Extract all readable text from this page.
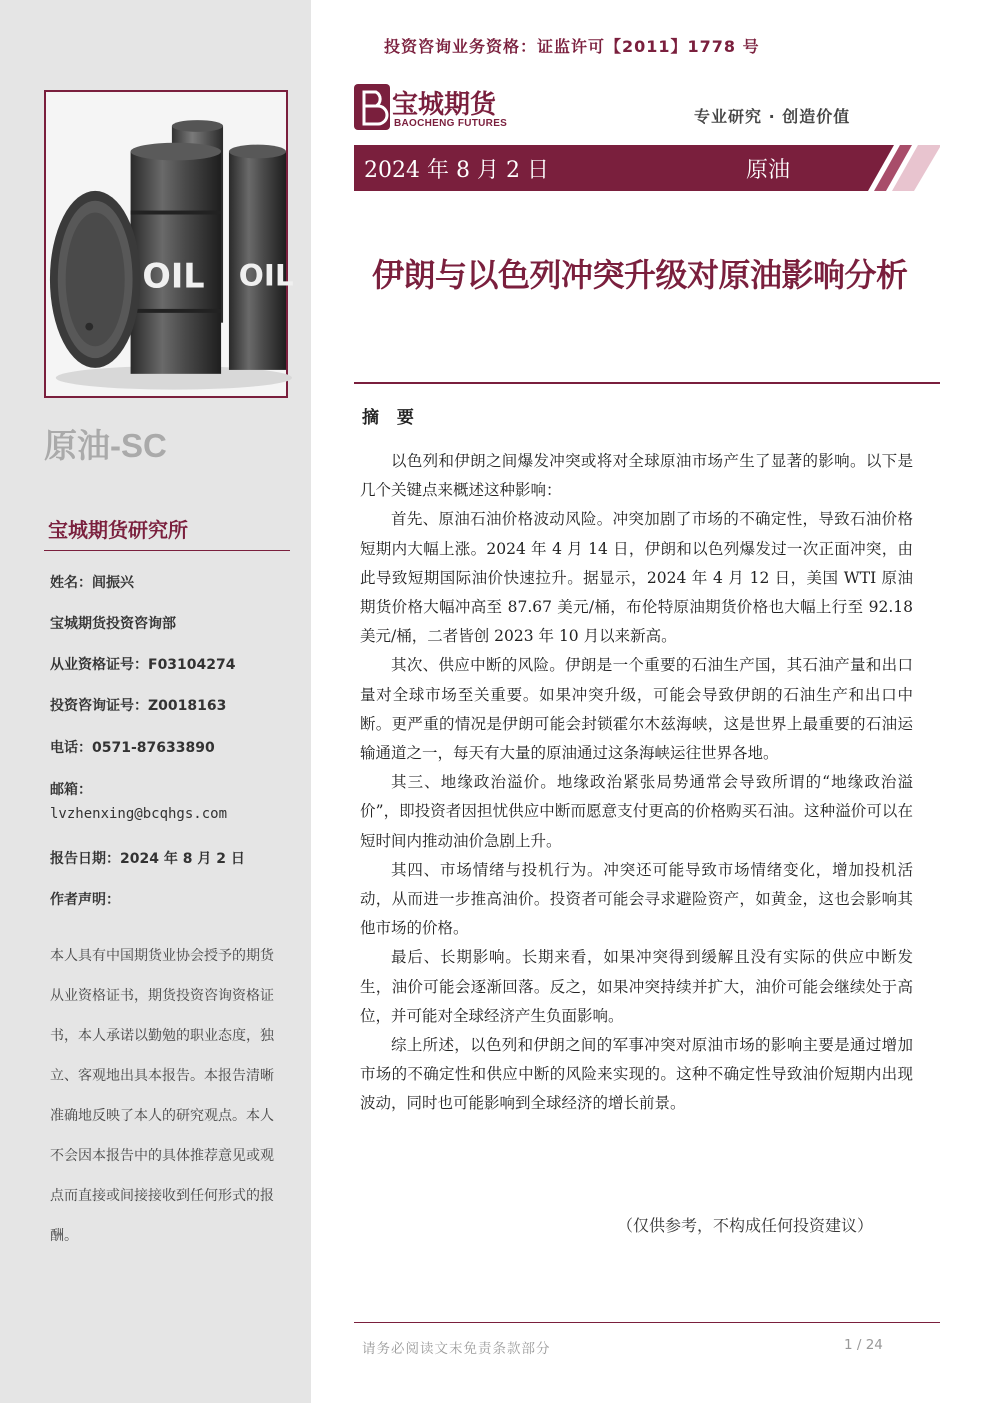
OIL OIL
原油-SC
宝城期货研究所
姓名：闾振兴
宝城期货投资咨询部
从业资格证号：F03104274
投资咨询证号：Z0018163
电话：0571-87633890
邮箱：
lvzhenxing@bcqhgs.com
报告日期：2024 年 8 月 2 日
作者声明：
本人具有中国期货业协会授予的期货从业资格证书，期货投资咨询资格证书，本人承诺以勤勉的职业态度，独立、客观地出具本报告。本报告清晰准确地反映了本人的研究观点。本人不会因本报告中的具体推荐意见或观点而直接或间接接收到任何形式的报酬。
投资咨询业务资格：证监许可【2011】1778 号
宝城期货
BAOCHENG FUTURES	专业研究 · 创造价值
2024 年 8 月 2 日	原油
伊朗与以色列冲突升级对原油影响分析
摘 要

以色列和伊朗之间爆发冲突或将对全球原油市场产生了显著的影响。以下是几个关键点来概述这种影响：

首先、原油石油价格波动风险。冲突加剧了市场的不确定性，导致石油价格短期内大幅上涨。2024 年 4 月 14 日，伊朗和以色列爆发过一次正面冲突，由此导致短期国际油价快速拉升。据显示，2024 年 4 月 12 日，美国 WTI 原油期货价格大幅冲高至 87.67 美元/桶，布伦特原油期货价格也大幅上行至 92.18 美元/桶，二者皆创 2023 年 10 月以来新高。

其次、供应中断的风险。伊朗是一个重要的石油生产国，其石油产量和出口量对全球市场至关重要。如果冲突升级，可能会导致伊朗的石油生产和出口中断。更严重的情况是伊朗可能会封锁霍尔木兹海峡，这是世界上最重要的石油运输通道之一，每天有大量的原油通过这条海峡运往世界各地。

其三、地缘政治溢价。地缘政治紧张局势通常会导致所谓的“地缘政治溢价”，即投资者因担忧供应中断而愿意支付更高的价格购买石油。这种溢价可以在短时间内推动油价急剧上升。

其四、市场情绪与投机行为。冲突还可能导致市场情绪变化，增加投机活动，从而进一步推高油价。投资者可能会寻求避险资产，如黄金，这也会影响其他市场的价格。

最后、长期影响。长期来看，如果冲突得到缓解且没有实际的供应中断发生，油价可能会逐渐回落。反之，如果冲突持续并扩大，油价可能会继续处于高位，并可能对全球经济产生负面影响。

综上所述，以色列和伊朗之间的军事冲突对原油市场的影响主要是通过增加市场的不确定性和供应中断的风险来实现的。这种不确定性导致油价短期内出现波动，同时也可能影响到全球经济的增长前景。

（仅供参考，不构成任何投资建议）
请务必阅读文末免责条款部分	1 / 24
